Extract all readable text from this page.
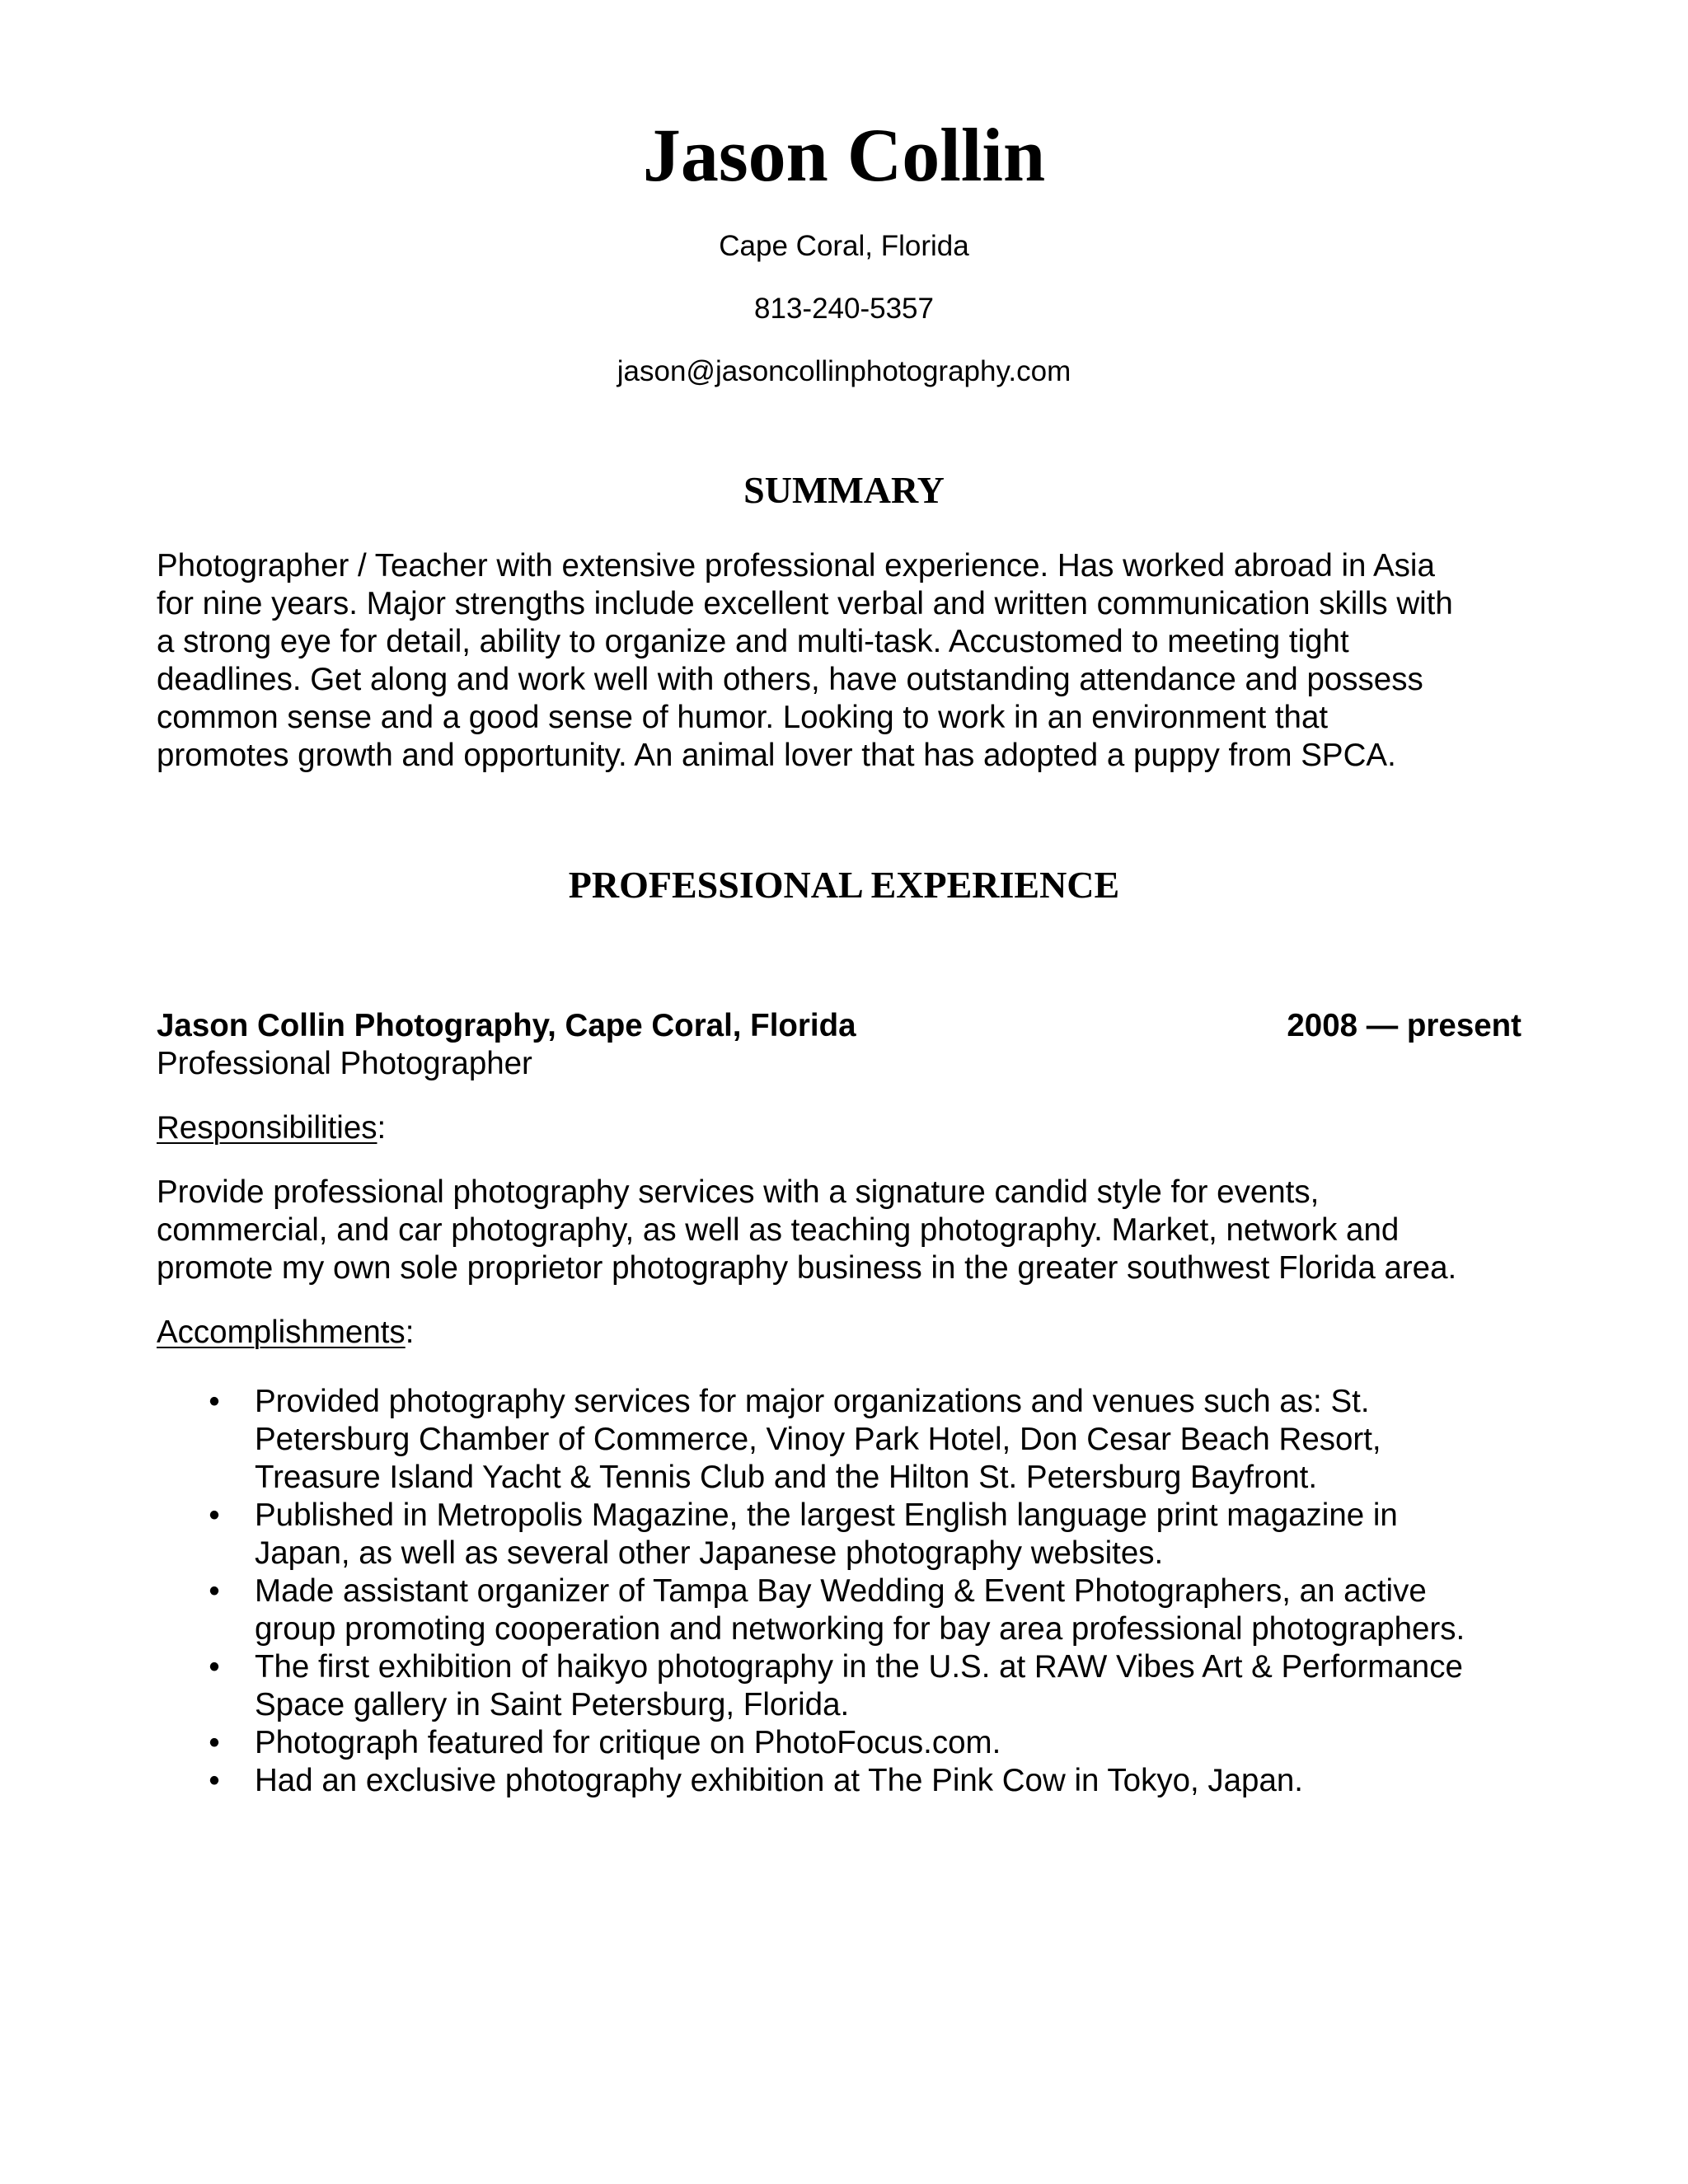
Jason Collin
Cape Coral, Florida
813-240-5357
jason@jasoncollinphotography.com
SUMMARY
Photographer / Teacher with extensive professional experience. Has worked abroad in Asia
for nine years. Major strengths include excellent verbal and written communication skills with
a strong eye for detail, ability to organize and multi-task. Accustomed to meeting tight
deadlines. Get along and work well with others, have outstanding attendance and possess
common sense and a good sense of humor. Looking to work in an environment that
promotes growth and opportunity. An animal lover that has adopted a puppy from SPCA.
PROFESSIONAL EXPERIENCE
Jason Collin Photography, Cape Coral, Florida	2008 — present
Professional Photographer
Responsibilities:
Provide professional photography services with a signature candid style for events,
commercial, and car photography, as well as teaching photography. Market, network and
promote my own sole proprietor photography business in the greater southwest Florida area.
Accomplishments:
• Provided photography services for major organizations and venues such as: St.
Petersburg Chamber of Commerce, Vinoy Park Hotel, Don Cesar Beach Resort,
Treasure Island Yacht & Tennis Club and the Hilton St. Petersburg Bayfront.
• Published in Metropolis Magazine, the largest English language print magazine in
Japan, as well as several other Japanese photography websites.
• Made assistant organizer of Tampa Bay Wedding & Event Photographers, an active
group promoting cooperation and networking for bay area professional photographers.
• The first exhibition of haikyo photography in the U.S. at RAW Vibes Art & Performance
Space gallery in Saint Petersburg, Florida.
• Photograph featured for critique on PhotoFocus.com.
• Had an exclusive photography exhibition at The Pink Cow in Tokyo, Japan.
